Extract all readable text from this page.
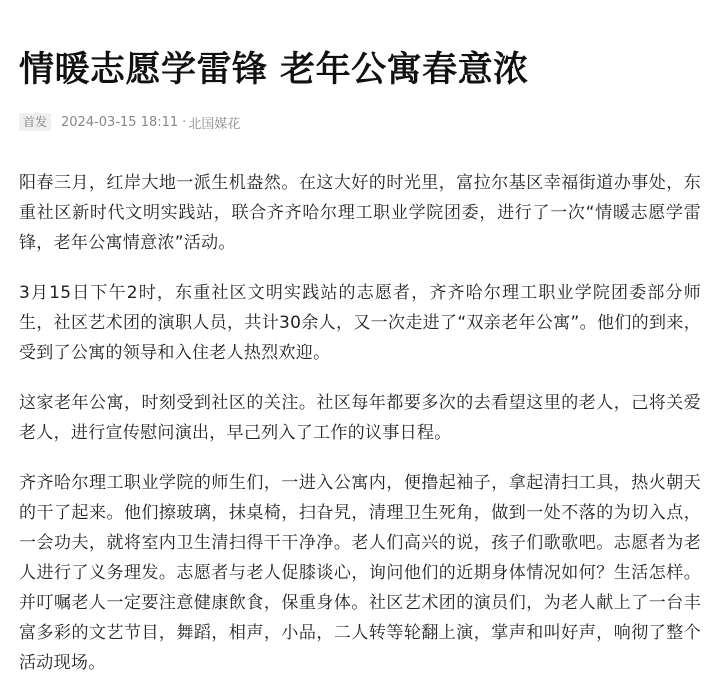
情暖志愿学雷锋 老年公寓春意浓
首发	2024-03-15 18:11 · 北国媒花

阳春三月，红岸大地一派生机盎然。在这大好的时光里，富拉尔基区幸福街道办事处，东重社区新时代文明实践站，联合齐齐哈尔理工职业学院团委，进行了一次“情暖志愿学雷锋，老年公寓情意浓”活动。

3月15日下午2时，东重社区文明实践站的志愿者，齐齐哈尔理工职业学院团委部分师生，社区艺术团的演职人员，共计30余人，又一次走进了“双亲老年公寓”。他们的到来，受到了公寓的领导和入住老人热烈欢迎。

这家老年公寓，时刻受到社区的关注。社区每年都要多次的去看望这里的老人，己将关爱老人，进行宣传慰问演出，早己列入了工作的议事日程。

齐齐哈尔理工职业学院的师生们，一进入公寓内，便撸起袖子，拿起清扫工具，热火朝天的干了起来。他们擦玻璃，抹桌椅，扫旮旯，清理卫生死角，做到一处不落的为切入点，一会功夫，就将室内卫生清扫得干干净净。老人们高兴的说，孩子们歌歌吧。志愿者为老人进行了义务理发。志愿者与老人促膝谈心，询问他们的近期身体情况如何？生活怎样。并叮嘱老人一定要注意健康飲食，保重身体。社区艺术团的演员们，为老人献上了一台丰富多彩的文艺节目，舞蹈，相声，小品，二人转等轮翻上演，掌声和叫好声，响彻了整个活动现场。
